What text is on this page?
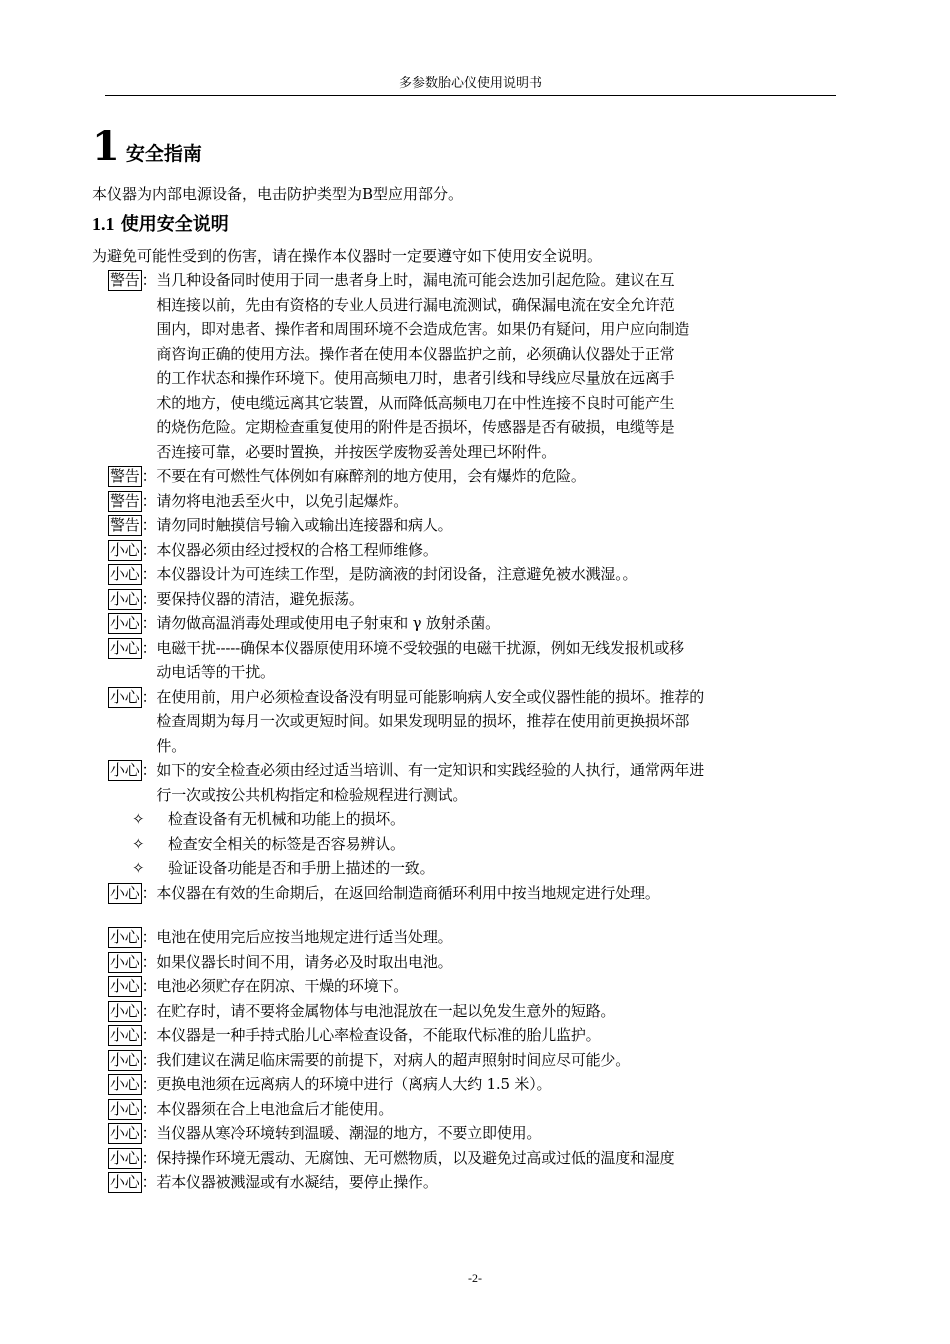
多参数胎心仪使用说明书
1 安全指南
本仪器为内部电源设备，电击防护类型为B型应用部分。
1.1 使用安全说明
为避免可能性受到的伤害，请在操作本仪器时一定要遵守如下使用安全说明。
警告 ： 当几种设备同时使用于同一患者身上时，漏电流可能会迭加引起危险。建议在互
相连接以前，先由有资格的专业人员进行漏电流测试，确保漏电流在安全允许范
围内，即对患者、操作者和周围环境不会造成危害。如果仍有疑问，用户应向制造
商咨询正确的使用方法。操作者在使用本仪器监护之前，必须确认仪器处于正常
的工作状态和操作环境下。使用高频电刀时，患者引线和导线应尽量放在远离手
术的地方，使电缆远离其它装置，从而降低高频电刀在中性连接不良时可能产生
的烧伤危险。定期检查重复使用的附件是否损坏，传感器是否有破损，电缆等是
否连接可靠，必要时置换，并按医学废物妥善处理已坏附件。
警告 ： 不要在有可燃性气体例如有麻醉剂的地方使用，会有爆炸的危险。
警告 ： 请勿将电池丢至火中，以免引起爆炸。
警告 ： 请勿同时触摸信号输入或输出连接器和病人。
小心 ： 本仪器必须由经过授权的合格工程师维修。
小心 ： 本仪器设计为可连续工作型，是防滴液的封闭设备，注意避免被水溅湿。。
小心 ： 要保持仪器的清洁，避免振荡。
小心 ： 请勿做高温消毒处理或使用电子射束和 γ 放射杀菌。
小心 ： 电磁干扰-----确保本仪器原使用环境不受较强的电磁干扰源，例如无线发报机或移
动电话等的干扰。
小心 ： 在使用前，用户必须检查设备没有明显可能影响病人安全或仪器性能的损坏。推荐的
检查周期为每月一次或更短时间。如果发现明显的损坏，推荐在使用前更换损坏部
件。
小心 ： 如下的安全检查必须由经过适当培训、有一定知识和实践经验的人执行，通常两年进
行一次或按公共机构指定和检验规程进行测试。
✧	检查设备有无机械和功能上的损坏。
✧	检查安全相关的标签是否容易辨认。
✧	验证设备功能是否和手册上描述的一致。
小心 ： 本仪器在有效的生命期后，在返回给制造商循环利用中按当地规定进行处理。
小心 ： 电池在使用完后应按当地规定进行适当处理。
小心 ： 如果仪器长时间不用，请务必及时取出电池。
小心 ： 电池必须贮存在阴凉、干燥的环境下。
小心 ： 在贮存时，请不要将金属物体与电池混放在一起以免发生意外的短路。
小心 ： 本仪器是一种手持式胎儿心率检查设备，不能取代标准的胎儿监护。
小心 ： 我们建议在满足临床需要的前提下，对病人的超声照射时间应尽可能少。
小心 ： 更换电池须在远离病人的环境中进行（离病人大约 1.5 米）。
小心 ： 本仪器须在合上电池盒后才能使用。
小心 ： 当仪器从寒冷环境转到温暖、潮湿的地方，不要立即使用。
小心 ： 保持操作环境无震动、无腐蚀、无可燃物质，以及避免过高或过低的温度和湿度
小心 ： 若本仪器被溅湿或有水凝结，要停止操作。
-2-
